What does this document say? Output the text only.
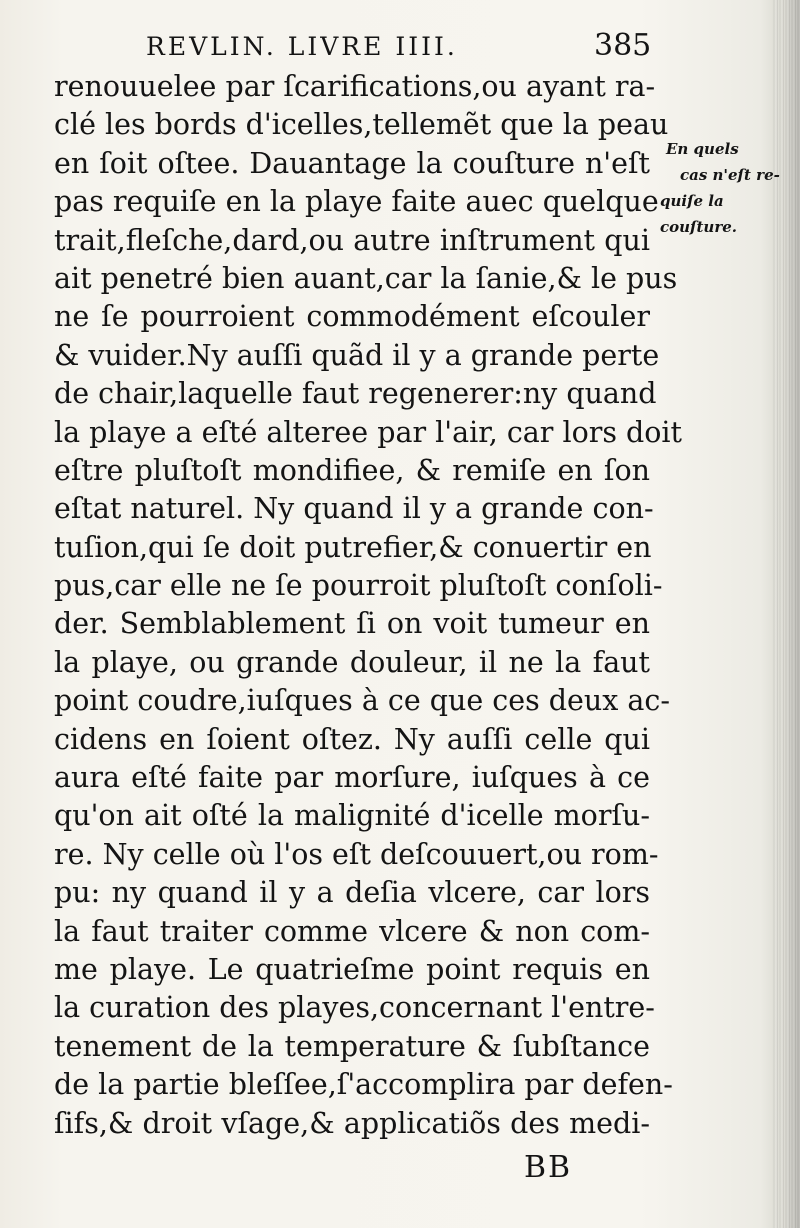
REVLIN. LIVRE IIII.	385
renouuelee par ſcarifications,ou ayant ra-
clé les bords d'icelles,tellemẽt que la peau
en ſoit oſtee. Dauantage la couſture n'eſt
pas requiſe en la playe faite auec quelque
trait,fleſche,dard,ou autre inſtrument qui
ait penetré bien auant,car la ſanie,& le pus
ne ſe pourroient commodément eſcouler
& vuider.Ny auſſi quãd il y a grande perte
de chair,laquelle faut regenerer:ny quand
la playe a eſté alteree par l'air, car lors doit
eſtre pluſtoſt mondifiee, & remiſe en ſon
eſtat naturel. Ny quand il y a grande con-
tuſion,qui ſe doit putrefier,& conuertir en
pus,car elle ne ſe pourroit pluſtoſt conſoli-
der. Semblablement ſi on voit tumeur en
la playe, ou grande douleur, il ne la faut
point coudre,iuſques à ce que ces deux ac-
cidens en ſoient oſtez. Ny auſſi celle qui
aura eſté faite par morſure, iuſques à ce
qu'on ait oſté la malignité d'icelle morſu-
re. Ny celle où l'os eſt deſcouuert,ou rom-
pu: ny quand il y a deſia vlcere, car lors
la faut traiter comme vlcere & non com-
me playe. Le quatrieſme point requis en
la curation des playes,concernant l'entre-
tenement de la temperature & ſubſtance
de la partie bleſſee,ſ'accomplira par defen-
ſifs,& droit vſage,& applicatiõs des medi-
En quels
cas n'eſt re-
quiſe la
couſture.
BB
